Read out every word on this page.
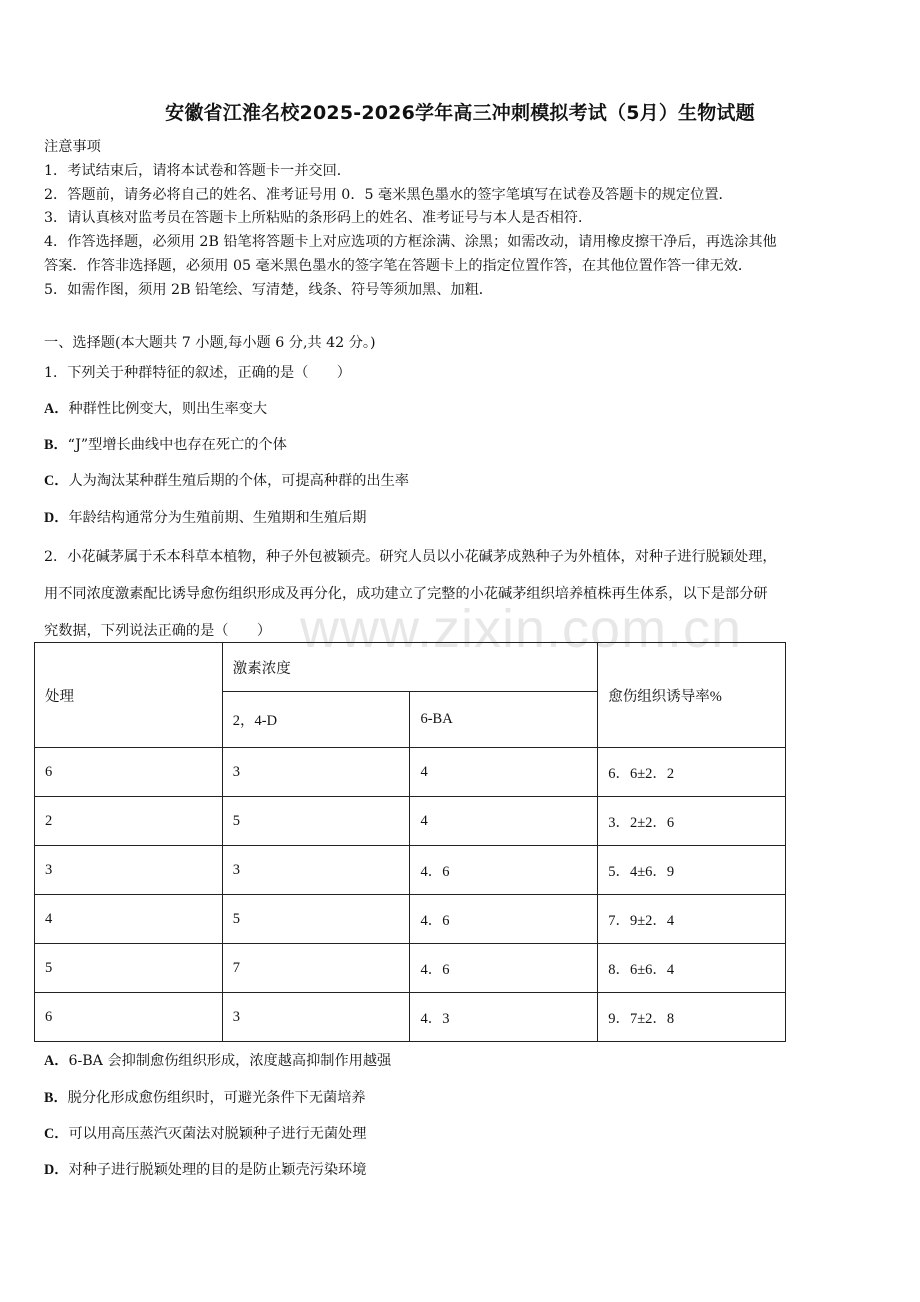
安徽省江淮名校2025-2026学年高三冲刺模拟考试（5月）生物试题
注意事项
1．考试结束后，请将本试卷和答题卡一并交回．
2．答题前，请务必将自己的姓名、准考证号用 0．5 毫米黑色墨水的签字笔填写在试卷及答题卡的规定位置．
3．请认真核对监考员在答题卡上所粘贴的条形码上的姓名、准考证号与本人是否相符．
4．作答选择题，必须用 2B 铅笔将答题卡上对应选项的方框涂满、涂黑；如需改动，请用橡皮擦干净后，再选涂其他
答案．作答非选择题，必须用 05 毫米黑色墨水的签字笔在答题卡上的指定位置作答，在其他位置作答一律无效．
5．如需作图，须用 2B 铅笔绘、写清楚，线条、符号等须加黑、加粗．
一、选择题(本大题共 7 小题,每小题 6 分,共 42 分。)
1．下列关于种群特征的叙述，正确的是（　　）
A．种群性比例变大，则出生率变大
B．“J”型增长曲线中也存在死亡的个体
C．人为淘汰某种群生殖后期的个体，可提高种群的出生率
D．年龄结构通常分为生殖前期、生殖期和生殖后期
2．小花碱茅属于禾本科草本植物，种子外包被颖壳。研究人员以小花碱茅成熟种子为外植体，对种子进行脱颖处理，
用不同浓度激素配比诱导愈伤组织形成及再分化，成功建立了完整的小花碱茅组织培养植株再生体系，以下是部分研
究数据，下列说法正确的是（　　） www.zixin.com.cn
处理	激素浓度		愈伤组织诱导率%
	2，4-D	6-BA	
6	3	4	6．6±2．2
2	5	4	3．2±2．6
3	3	4．6	5．4±6．9
4	5	4．6	7．9±2．4
5	7	4．6	8．6±6．4
6	3	4．3	9．7±2．8
A．6-BA 会抑制愈伤组织形成，浓度越高抑制作用越强
B．脱分化形成愈伤组织时，可避光条件下无菌培养
C．可以用高压蒸汽灭菌法对脱颖种子进行无菌处理
D．对种子进行脱颖处理的目的是防止颖壳污染环境
